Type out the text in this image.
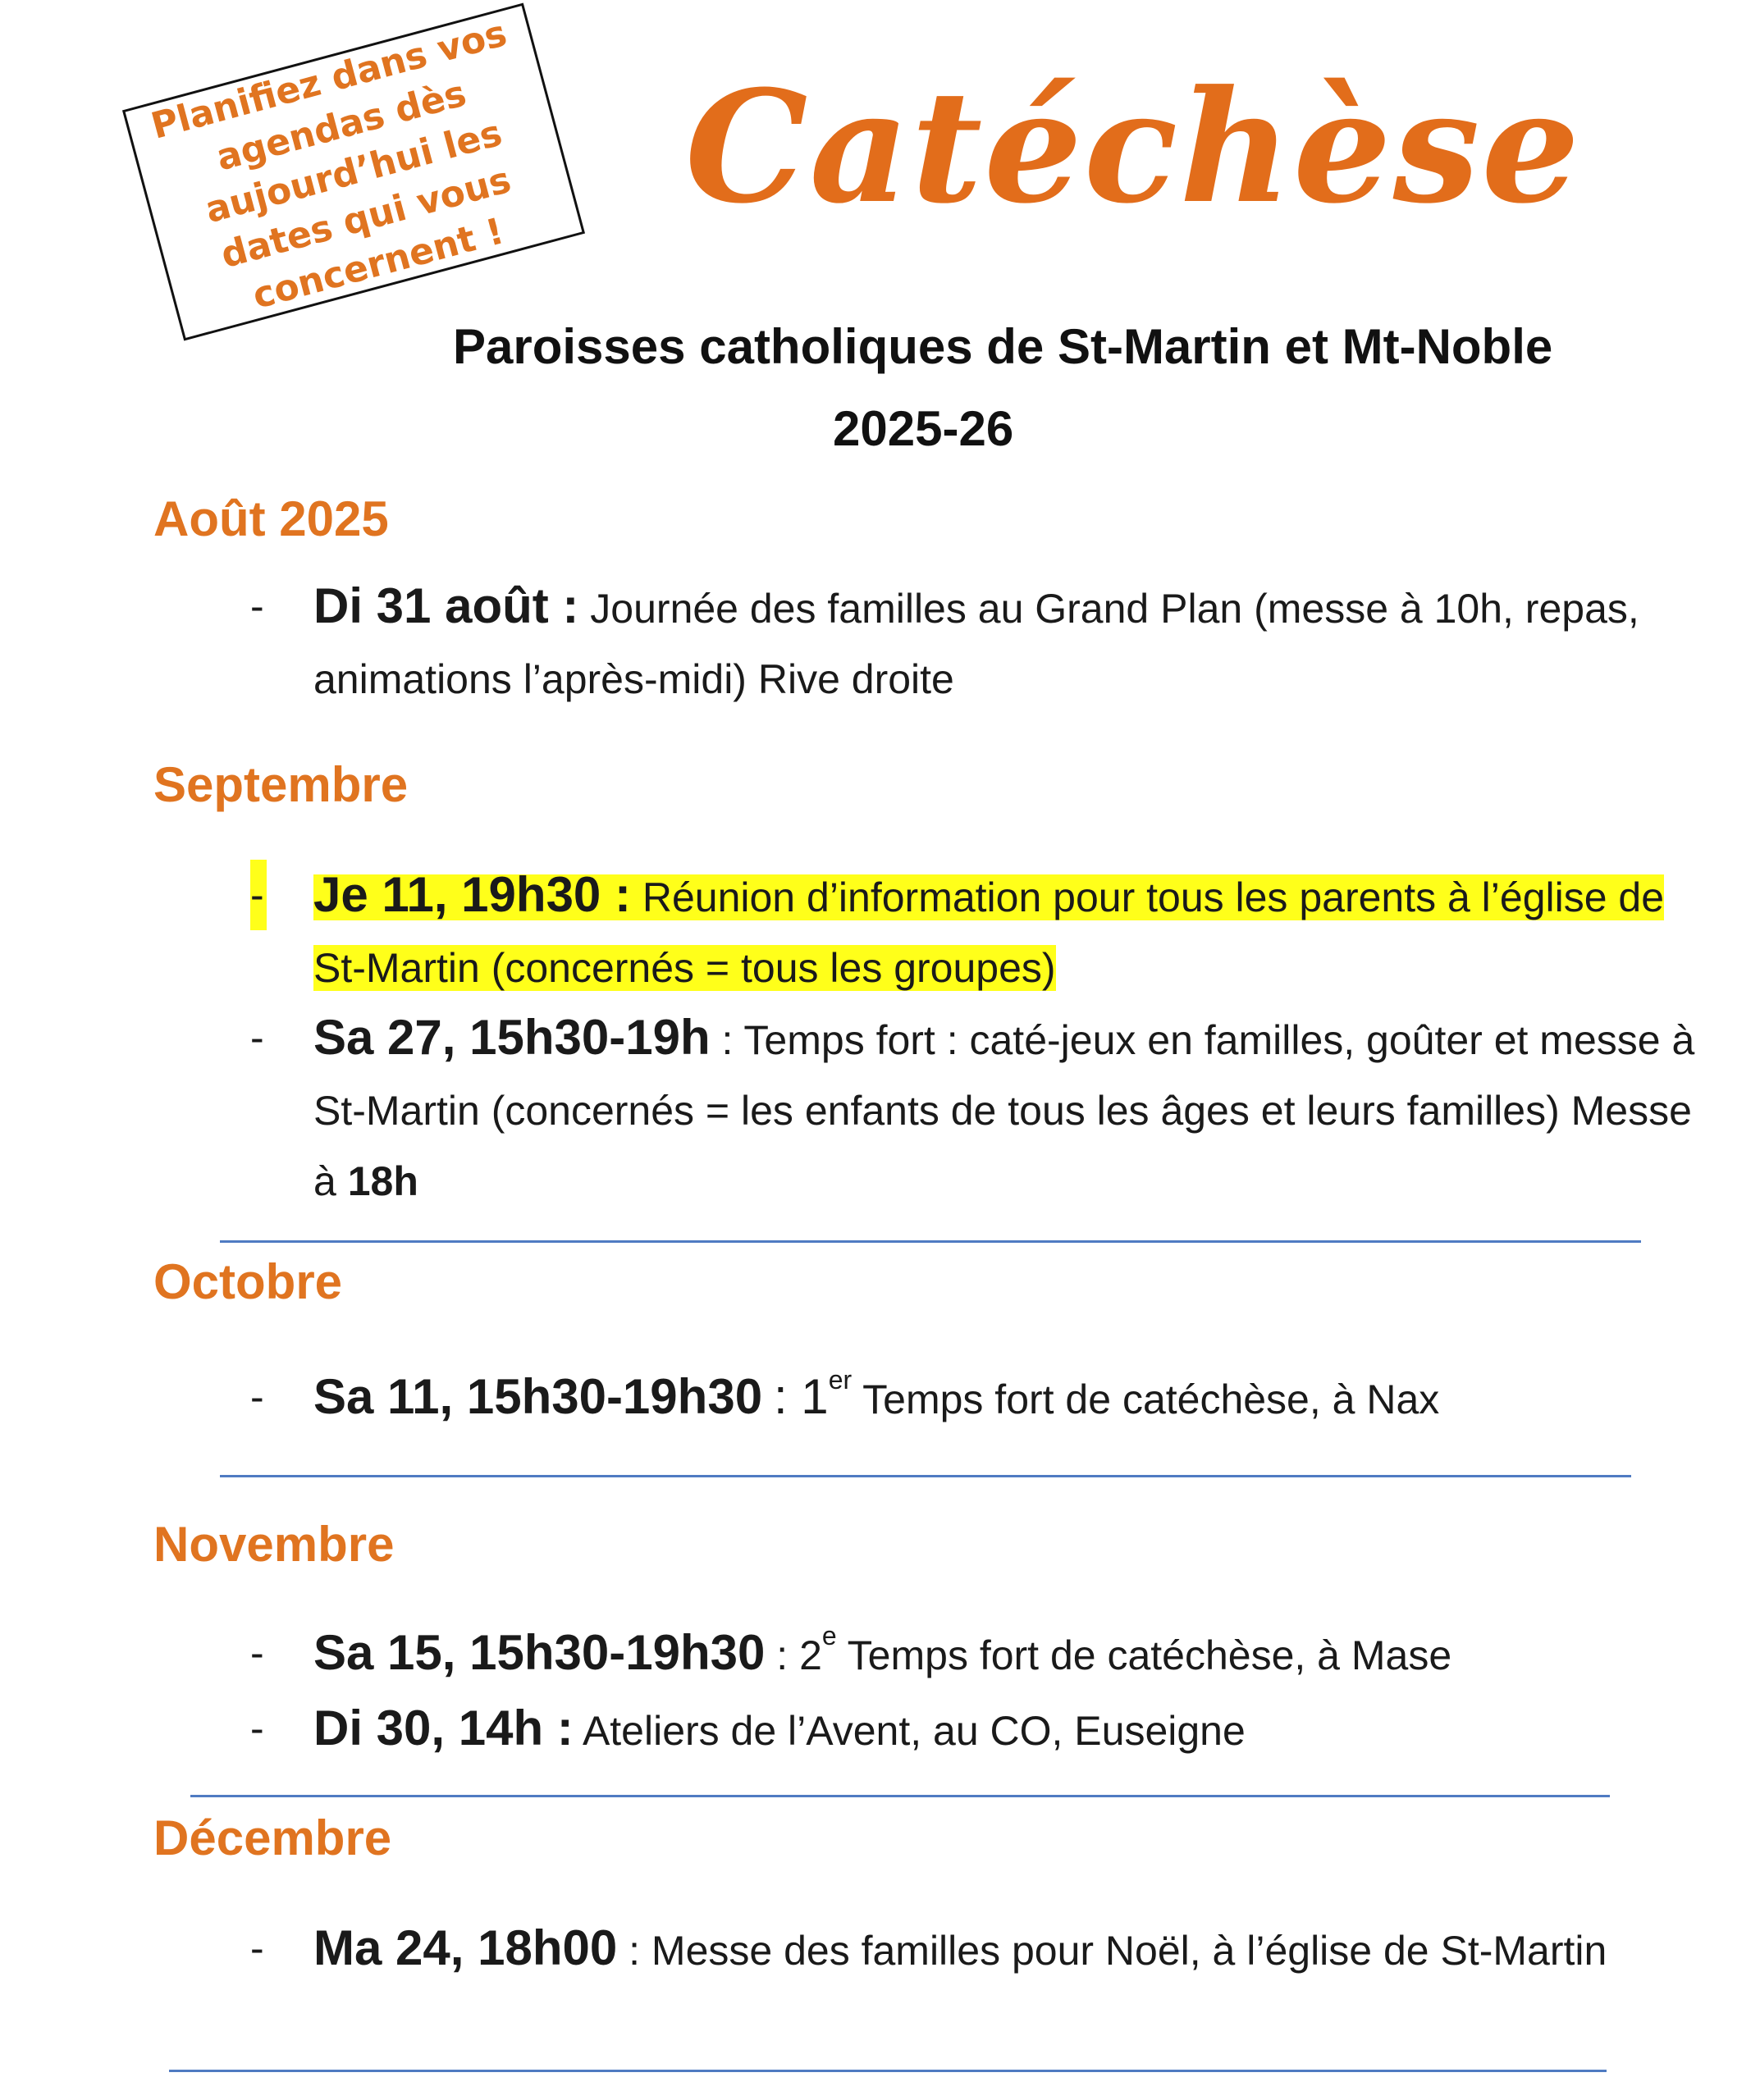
Planifiez dans vos agendas dès aujourd’hui les dates qui vous concernent !
Catéchèse
Paroisses catholiques de St-Martin et Mt-Noble
2025-26
Août 2025
- Di 31 août : Journée des familles au Grand Plan (messe à 10h, repas, animations l’après-midi) Rive droite
Septembre
- Je 11, 19h30 : Réunion d’information pour tous les parents à l’église de St-Martin (concernés = tous les groupes)
- Sa 27, 15h30-19h : Temps fort : caté-jeux en familles, goûter et messe à St-Martin (concernés = les enfants de tous les âges et leurs familles) Messe à 18h
Octobre
- Sa 11, 15h30-19h30 : 1er Temps fort de catéchèse, à Nax
Novembre
- Sa 15, 15h30-19h30 : 2e Temps fort de catéchèse, à Mase
- Di 30, 14h : Ateliers de l’Avent, au CO, Euseigne
Décembre
- Ma 24, 18h00 : Messe des familles pour Noël, à l’église de St-Martin
